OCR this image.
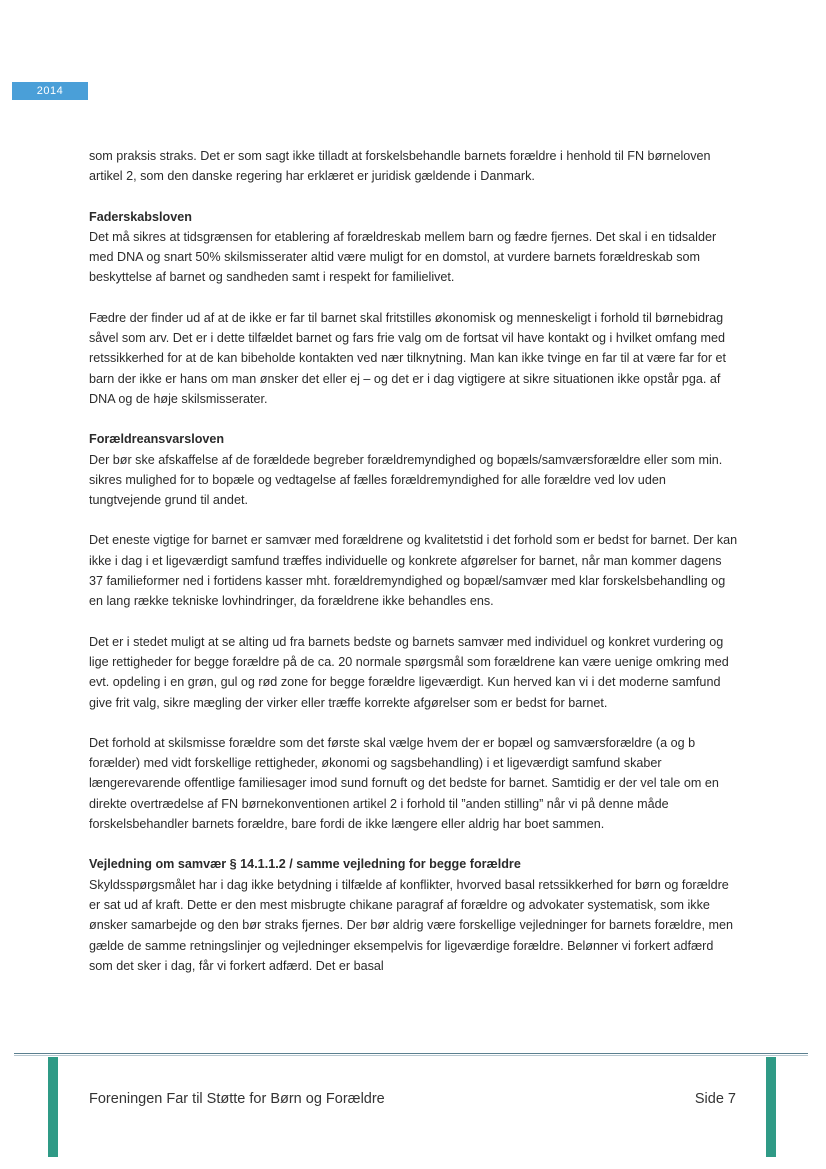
2014

som praksis straks. Det er som sagt ikke tilladt at forskelsbehandle barnets forældre i henhold til FN børneloven artikel 2, som den danske regering har erklæret er juridisk gældende i Danmark.

Faderskabsloven

Det må sikres at tidsgrænsen for etablering af forældreskab mellem barn og fædre fjernes. Det skal i en tidsalder med DNA og snart 50% skilsmisserater altid være muligt for en domstol, at vurdere barnets forældreskab som beskyttelse af barnet og sandheden samt i respekt for familielivet.

Fædre der finder ud af at de ikke er far til barnet skal fritstilles økonomisk og menneskeligt i forhold til børnebidrag såvel som arv. Det er i dette tilfældet barnet og fars frie valg om de fortsat vil have kontakt og i hvilket omfang med retssikkerhed for at de kan bibeholde kontakten ved nær tilknytning. Man kan ikke tvinge en far til at være far for et barn der ikke er hans om man ønsker det eller ej – og det er i dag vigtigere at sikre situationen ikke opstår pga. af DNA og de høje skilsmisserater.

Forældreansvarsloven

Der bør ske afskaffelse af de forældede begreber forældremyndighed og bopæls/samværsforældre eller som min. sikres mulighed for to bopæle og vedtagelse af fælles forældremyndighed for alle forældre ved lov uden tungtvejende grund til andet.

Det eneste vigtige for barnet er samvær med forældrene og kvalitetstid i det forhold som er bedst for barnet. Der kan ikke i dag i et ligeværdigt samfund træffes individuelle og konkrete afgørelser for barnet, når man kommer dagens 37 familieformer ned i fortidens kasser mht. forældremyndighed og bopæl/samvær med klar forskelsbehandling og en lang række tekniske lovhindringer, da forældrene ikke behandles ens.

Det er i stedet muligt at se alting ud fra barnets bedste og barnets samvær med individuel og konkret vurdering og lige rettigheder for begge forældre på de ca. 20 normale spørgsmål som forældrene kan være uenige omkring med evt. opdeling i en grøn, gul og rød zone for begge forældre ligeværdigt. Kun herved kan vi i det moderne samfund give frit valg, sikre mægling der virker eller træffe korrekte afgørelser som er bedst for barnet.

Det forhold at skilsmisse forældre som det første skal vælge hvem der er bopæl og samværsforældre (a og b forælder) med vidt forskellige rettigheder, økonomi og sagsbehandling) i et ligeværdigt samfund skaber længerevarende offentlige familiesager imod sund fornuft og det bedste for barnet. Samtidig er der vel tale om en direkte overtrædelse af FN børnekonventionen artikel 2 i forhold til ”anden stilling” når vi på denne måde forskelsbehandler barnets forældre, bare fordi de ikke længere eller aldrig har boet sammen.

Vejledning om samvær § 14.1.1.2 / samme vejledning for begge forældre

Skyldsspørgsmålet har i dag ikke betydning i tilfælde af konflikter, hvorved basal retssikkerhed for børn og forældre er sat ud af kraft. Dette er den mest misbrugte chikane paragraf af forældre og advokater systematisk, som ikke ønsker samarbejde og den bør straks fjernes. Der bør aldrig være forskellige vejledninger for barnets forældre, men gælde de samme retningslinjer og vejledninger eksempelvis for ligeværdige forældre. Belønner vi forkert adfærd som det sker i dag, får vi forkert adfærd. Det er basal

Foreningen Far til Støtte for Børn og Forældre	Side 7
